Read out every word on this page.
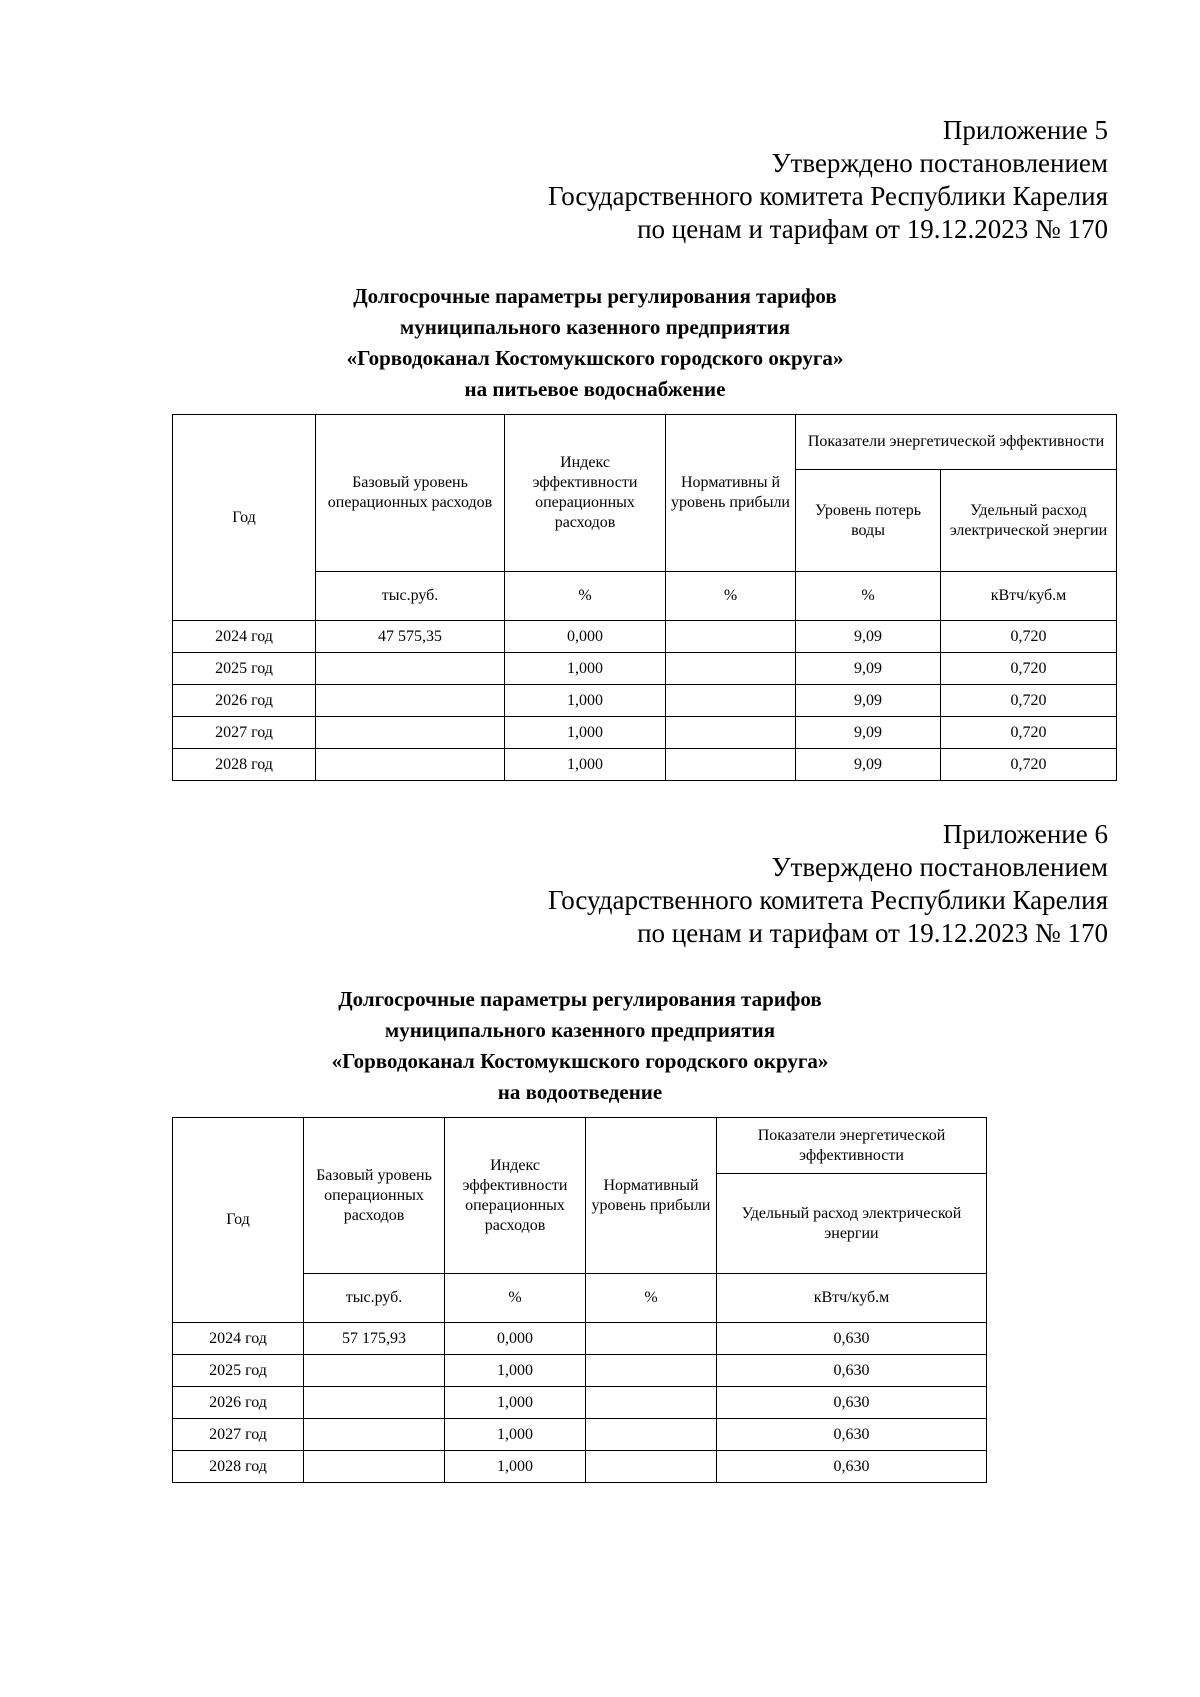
Приложение 5
Утверждено постановлением
Государственного комитета Республики Карелия
по ценам и тарифам от 19.12.2023 № 170
Долгосрочные параметры регулирования тарифов
муниципального казенного предприятия
«Горводоканал Костомукшского городского округа»
на питьевое водоснабжение
Год	Базовый уровень операционных расходов	Индекс эффективности операционных расходов	Нормативны й уровень прибыли	Показатели энергетической эффективности	
				Уровень потерь воды	Удельный расход электрической энергии
	тыс.руб.	%	%	%	кВтч/куб.м
2024 год	47 575,35	0,000		9,09	0,720
2025 год		1,000		9,09	0,720
2026 год		1,000		9,09	0,720
2027 год		1,000		9,09	0,720
2028 год		1,000		9,09	0,720
Приложение 6
Утверждено постановлением
Государственного комитета Республики Карелия
по ценам и тарифам от 19.12.2023 № 170
Долгосрочные параметры регулирования тарифов
муниципального казенного предприятия
«Горводоканал Костомукшского городского округа»
на водоотведение
Год	Базовый уровень операционных расходов	Индекс эффективности операционных расходов	Нормативный уровень прибыли	Показатели энергетической эффективности
				Удельный расход электрической энергии
	тыс.руб.	%	%	кВтч/куб.м
2024 год	57 175,93	0,000		0,630
2025 год		1,000		0,630
2026 год		1,000		0,630
2027 год		1,000		0,630
2028 год		1,000		0,630
